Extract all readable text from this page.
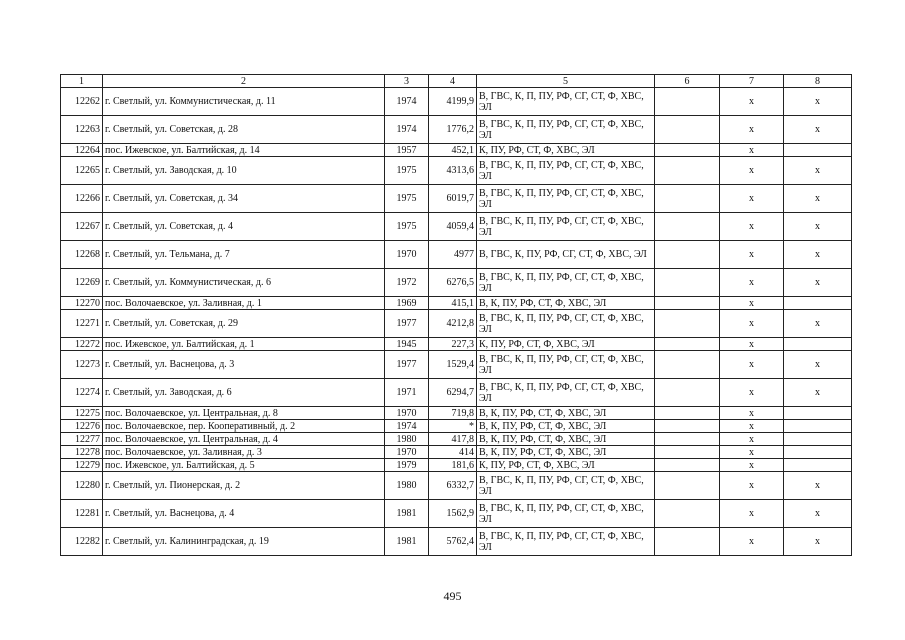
1	2	3	4	5	6	7	8
12262	г. Светлый, ул. Коммунистическая, д. 11	1974	4199,9	В, ГВС, К, П, ПУ, РФ, СГ, СТ, Ф, ХВС, ЭЛ		x	x
12263	г. Светлый, ул. Советская, д. 28	1974	1776,2	В, ГВС, К, П, ПУ, РФ, СГ, СТ, Ф, ХВС, ЭЛ		x	x
12264	пос. Ижевское, ул. Балтийская, д. 14	1957	452,1	К, ПУ, РФ, СТ, Ф, ХВС, ЭЛ		x	
12265	г. Светлый, ул. Заводская, д. 10	1975	4313,6	В, ГВС, К, П, ПУ, РФ, СГ, СТ, Ф, ХВС, ЭЛ		x	x
12266	г. Светлый, ул. Советская, д. 34	1975	6019,7	В, ГВС, К, П, ПУ, РФ, СГ, СТ, Ф, ХВС, ЭЛ		x	x
12267	г. Светлый, ул. Советская, д. 4	1975	4059,4	В, ГВС, К, П, ПУ, РФ, СГ, СТ, Ф, ХВС, ЭЛ		x	x
12268	г. Светлый, ул. Тельмана, д. 7	1970	4977	В, ГВС, К, ПУ, РФ, СГ, СТ, Ф, ХВС, ЭЛ		x	x
12269	г. Светлый, ул. Коммунистическая, д. 6	1972	6276,5	В, ГВС, К, П, ПУ, РФ, СГ, СТ, Ф, ХВС, ЭЛ		x	x
12270	пос. Волочаевское, ул. Заливная, д. 1	1969	415,1	В, К, ПУ, РФ, СТ, Ф, ХВС, ЭЛ		x	
12271	г. Светлый, ул. Советская, д. 29	1977	4212,8	В, ГВС, К, П, ПУ, РФ, СГ, СТ, Ф, ХВС, ЭЛ		x	x
12272	пос. Ижевское, ул. Балтийская, д. 1	1945	227,3	К, ПУ, РФ, СТ, Ф, ХВС, ЭЛ		x	
12273	г. Светлый, ул. Васнецова, д. 3	1977	1529,4	В, ГВС, К, П, ПУ, РФ, СГ, СТ, Ф, ХВС, ЭЛ		x	x
12274	г. Светлый, ул. Заводская, д. 6	1971	6294,7	В, ГВС, К, П, ПУ, РФ, СГ, СТ, Ф, ХВС, ЭЛ		x	x
12275	пос. Волочаевское, ул. Центральная, д. 8	1970	719,8	В, К, ПУ, РФ, СТ, Ф, ХВС, ЭЛ		x	
12276	пос. Волочаевское, пер. Кооперативный, д. 2	1974	*	В, К, ПУ, РФ, СТ, Ф, ХВС, ЭЛ		x	
12277	пос. Волочаевское, ул. Центральная, д. 4	1980	417,8	В, К, ПУ, РФ, СТ, Ф, ХВС, ЭЛ		x	
12278	пос. Волочаевское, ул. Заливная, д. 3	1970	414	В, К, ПУ, РФ, СТ, Ф, ХВС, ЭЛ		x	
12279	пос. Ижевское, ул. Балтийская, д. 5	1979	181,6	К, ПУ, РФ, СТ, Ф, ХВС, ЭЛ		x	
12280	г. Светлый, ул. Пионерская, д. 2	1980	6332,7	В, ГВС, К, П, ПУ, РФ, СГ, СТ, Ф, ХВС, ЭЛ		x	x
12281	г. Светлый, ул. Васнецова, д. 4	1981	1562,9	В, ГВС, К, П, ПУ, РФ, СГ, СТ, Ф, ХВС, ЭЛ		x	x
12282	г. Светлый, ул. Калининградская, д. 19	1981	5762,4	В, ГВС, К, П, ПУ, РФ, СГ, СТ, Ф, ХВС, ЭЛ		x	x
495
